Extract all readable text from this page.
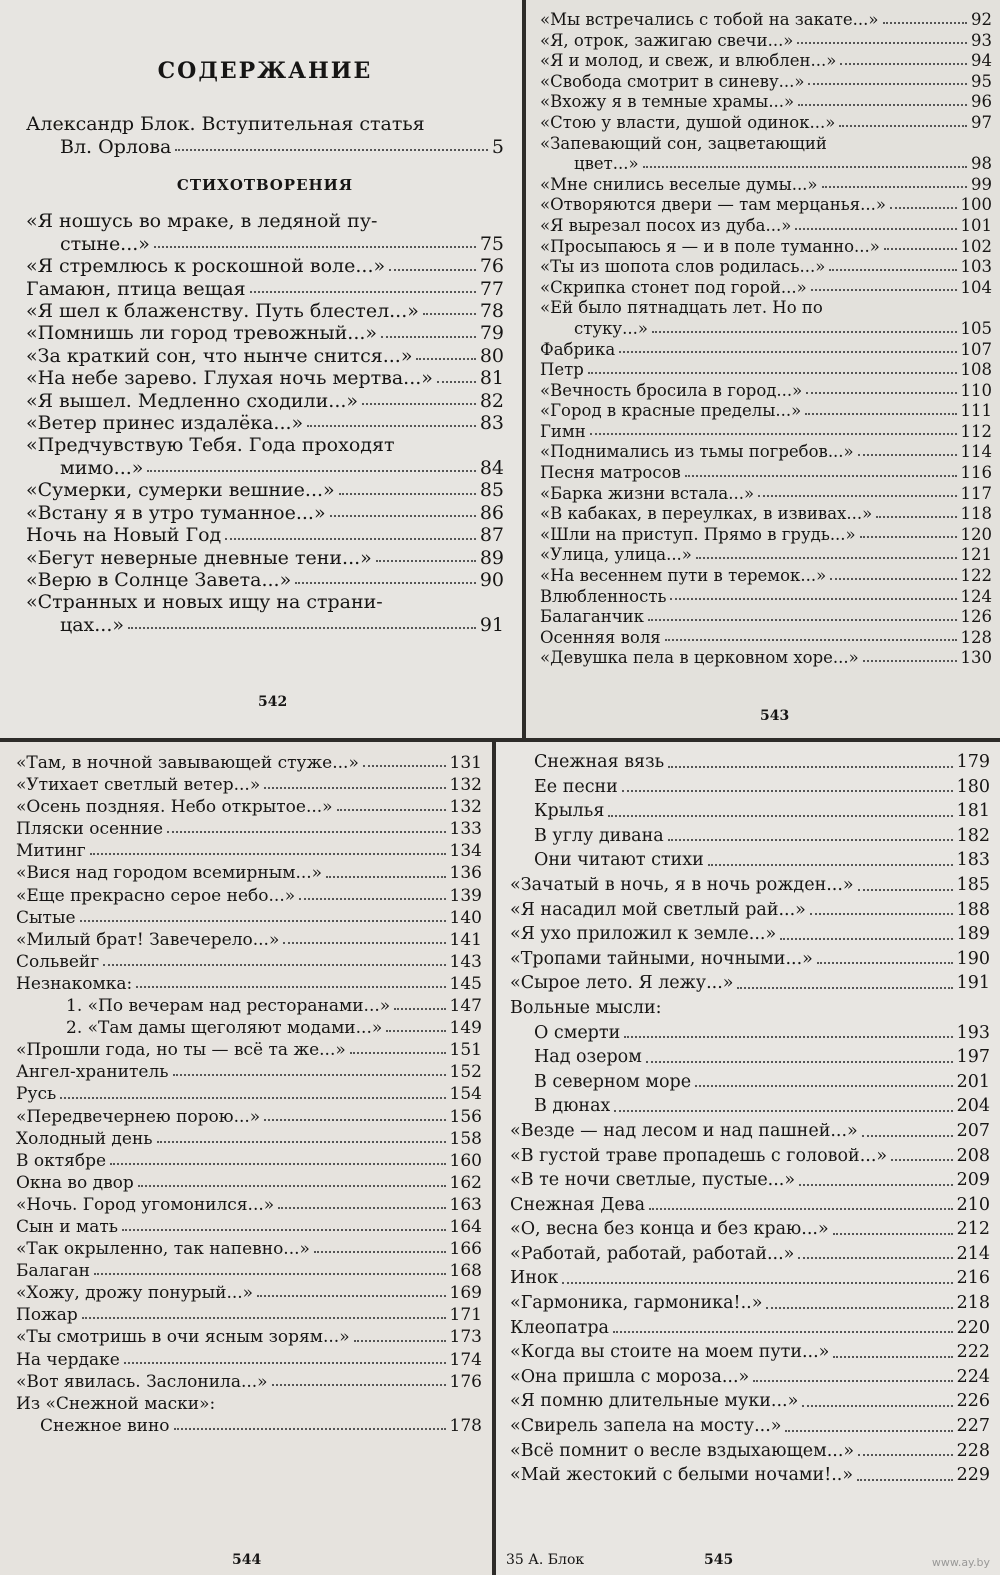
СОДЕРЖАНИЕ
Александр Блок. Вступительная статья
Вл. Орлова	5
СТИХОТВОРЕНИЯ
«Я ношусь во мраке, в ледяной пу-
стыне...»	75
«Я стремлюсь к роскошной воле...»	76
Гамаюн, птица вещая	77
«Я шел к блаженству. Путь блестел...»	78
«Помнишь ли город тревожный...»	79
«За краткий сон, что нынче снится...»	80
«На небе зарево. Глухая ночь мертва...» 81
«Я вышел. Медленно сходили...»	82
«Ветер принес издалёка...»	83
«Предчувствую Тебя. Года проходят
мимо...»	84
«Сумерки, сумерки вешние...»	85
«Встану я в утро туманное...»	86
Ночь на Новый Год	87
«Бегут неверные дневные тени...»	89
«Верю в Солнце Завета...»	90
«Странных и новых ищу на страни-
цах...»	91
542
«Мы встречались с тобой на закате...»	92
«Я, отрок, зажигаю свечи...»	93
«Я и молод, и свеж, и влюблен...»	94
«Свобода смотрит в синеву...»	95
«Вхожу я в темные храмы...»	96
«Стою у власти, душой одинок...»	97
«Запевающий сон, зацветающий
цвет...»	98
«Мне снились веселые думы...»	99
«Отворяются двери — там мерцанья...»	100
«Я вырезал посох из дуба...»	101
«Просыпаюсь я — и в поле туманно...»	102
«Ты из шопота слов родилась...»	103
«Скрипка стонет под горой...»	104
«Ей было пятнадцать лет. Но по
стуку...»	105
Фабрика	107
Петр	108
«Вечность бросила в город...»	110
«Город в красные пределы...»	111
Гимн	112
«Поднимались из тьмы погребов...»	114
Песня матросов	116
«Барка жизни встала...»	117
«В кабаках, в переулках, в извивах...»	118
«Шли на приступ. Прямо в грудь...»	120
«Улица, улица...»	121
«На весеннем пути в теремок...»	122
Влюбленность	124
Балаганчик	126
Осенняя воля	128
«Девушка пела в церковном хоре...»	130
543
«Там, в ночной завывающей стуже...»	131
«Утихает светлый ветер...»	132
«Осень поздняя. Небо открытое...»	132
Пляски осенние	133
Митинг	134
«Вися над городом всемирным...»	136
«Еще прекрасно серое небо...»	139
Сытые	140
«Милый брат! Завечерело...»	141
Сольвейг	143
Незнакомка:	145
1. «По вечерам над ресторанами...»	147
2. «Там дамы щеголяют модами...»	149
«Прошли года, но ты — всё та же...»	151
Ангел-хранитель	152
Русь	154
«Передвечернею порою...»	156
Холодный день	158
В октябре	160
Окна во двор	162
«Ночь. Город угомонился...»	163
Сын и мать	164
«Так окрыленно, так напевно...»	166
Балаган	168
«Хожу, дрожу понурый...»	169
Пожар	171
«Ты смотришь в очи ясным зорям...»	173
На чердаке	174
«Вот явилась. Заслонила...»	176
Из «Снежной маски»:
Снежное вино	178
544
Снежная вязь	179
Ее песни	180
Крылья	181
В углу дивана	182
Они читают стихи	183
«Зачатый в ночь, я в ночь рожден...»	185
«Я насадил мой светлый рай...»	188
«Я ухо приложил к земле...»	189
«Тропами тайными, ночными...»	190
«Сырое лето. Я лежу...»	191
Вольные мысли:
О смерти	193
Над озером	197
В северном море	201
В дюнах	204
«Везде — над лесом и над пашней...»	207
«В густой траве пропадешь с головой...»	208
«В те ночи светлые, пустые...»	209
Снежная Дева	210
«О, весна без конца и без краю...»	212
«Работай, работай, работай...»	214
Инок	216
«Гармоника, гармоника!..»	218
Клеопатра	220
«Когда вы стоите на моем пути...»	222
«Она пришла с мороза...»	224
«Я помню длительные муки...»	226
«Свирель запела на мосту...»	227
«Всё помнит о весле вздыхающем...»	228
«Май жестокий с белыми ночами!..»	229
35 А. Блок	545	www.ay.by
